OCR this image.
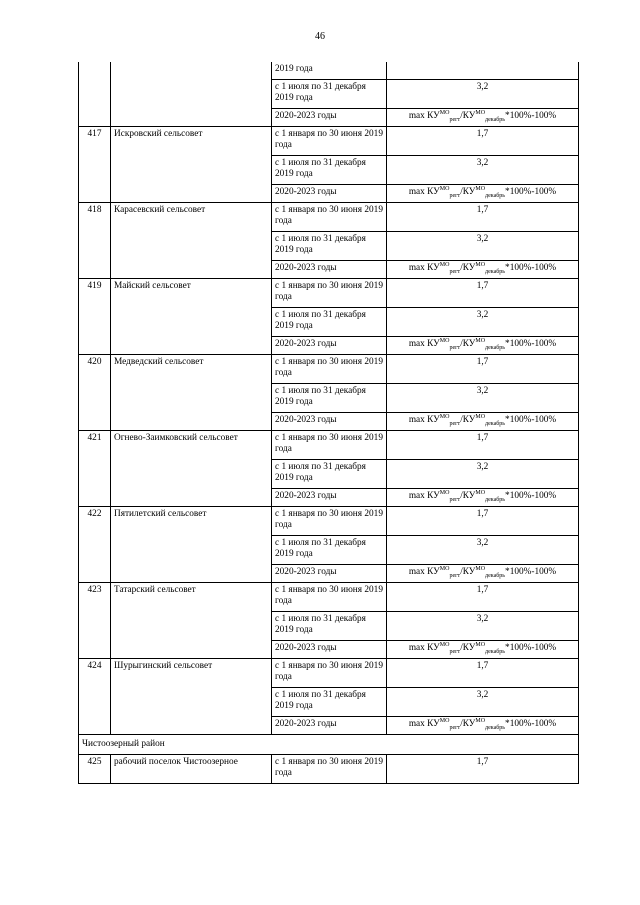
46
		2019 года	
		с 1 июля по 31 декабря 2019 года	3,2
		2020-2023 годы	$\max КУ^{МО}_{регт}/КУ^{МО}_{декабрь}*100\%-100\%$
417	Искровский сельсовет	с 1 января по 30 июня 2019 года	1,7
		с 1 июля по 31 декабря 2019 года	3,2
		2020-2023 годы	$\max КУ^{МО}_{регт}/КУ^{МО}_{декабрь}*100\%-100\%$
418	Карасевский сельсовет	с 1 января по 30 июня 2019 года	1,7
		с 1 июля по 31 декабря 2019 года	3,2
		2020-2023 годы	$\max КУ^{МО}_{регт}/КУ^{МО}_{декабрь}*100\%-100\%$
419	Майский сельсовет	с 1 января по 30 июня 2019 года	1,7
		с 1 июля по 31 декабря 2019 года	3,2
		2020-2023 годы	$\max КУ^{МО}_{регт}/КУ^{МО}_{декабрь}*100\%-100\%$
420	Медведский сельсовет	с 1 января по 30 июня 2019 года	1,7
		с 1 июля по 31 декабря 2019 года	3,2
		2020-2023 годы	$\max КУ^{МО}_{регт}/КУ^{МО}_{декабрь}*100\%-100\%$
421	Огнево-Заимковский сельсовет	с 1 января по 30 июня 2019 года	1,7
		с 1 июля по 31 декабря 2019 года	3,2
		2020-2023 годы	$\max КУ^{МО}_{регт}/КУ^{МО}_{декабрь}*100\%-100\%$
422	Пятилетский сельсовет	с 1 января по 30 июня 2019 года	1,7
		с 1 июля по 31 декабря 2019 года	3,2
		2020-2023 годы	$\max КУ^{МО}_{регт}/КУ^{МО}_{декабрь}*100\%-100\%$
423	Татарский сельсовет	с 1 января по 30 июня 2019 года	1,7
		с 1 июля по 31 декабря 2019 года	3,2
		2020-2023 годы	$\max КУ^{МО}_{регт}/КУ^{МО}_{декабрь}*100\%-100\%$
424	Шурыгинский сельсовет	с 1 января по 30 июня 2019 года	1,7
		с 1 июля по 31 декабря 2019 года	3,2
		2020-2023 годы	$\max КУ^{МО}_{регт}/КУ^{МО}_{декабрь}*100\%-100\%$
Чистоозерный район			
425	рабочий поселок Чистоозерное	с 1 января по 30 июня 2019 года	1,7
